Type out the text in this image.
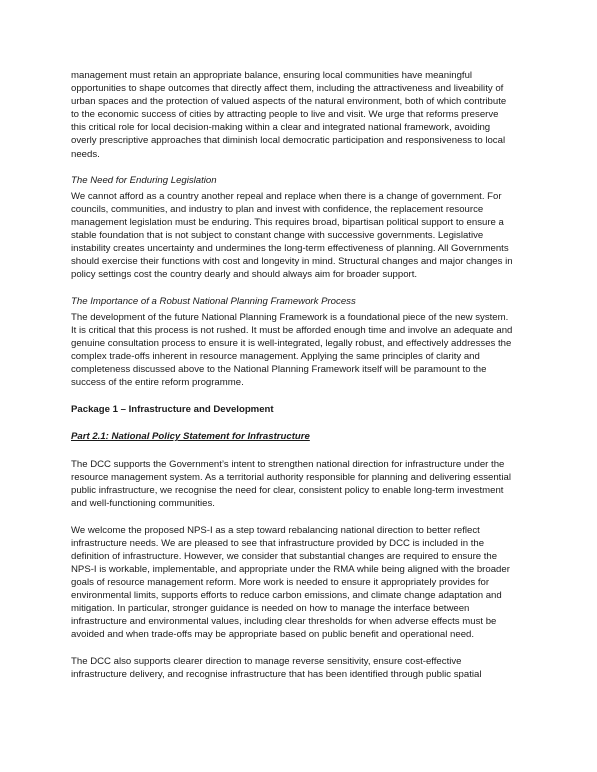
management must retain an appropriate balance, ensuring local communities have meaningful
opportunities to shape outcomes that directly affect them, including the attractiveness and liveability of
urban spaces and the protection of valued aspects of the natural environment, both of which contribute
to the economic success of cities by attracting people to live and visit. We urge that reforms preserve
this critical role for local decision-making within a clear and integrated national framework, avoiding
overly prescriptive approaches that diminish local democratic participation and responsiveness to local
needs.

The Need for Enduring Legislation

We cannot afford as a country another repeal and replace when there is a change of government. For
councils, communities, and industry to plan and invest with confidence, the replacement resource
management legislation must be enduring. This requires broad, bipartisan political support to ensure a
stable foundation that is not subject to constant change with successive governments. Legislative
instability creates uncertainty and undermines the long-term effectiveness of planning. All Governments
should exercise their functions with cost and longevity in mind. Structural changes and major changes in
policy settings cost the country dearly and should always aim for broader support.

The Importance of a Robust National Planning Framework Process

The development of the future National Planning Framework is a foundational piece of the new system.
It is critical that this process is not rushed. It must be afforded enough time and involve an adequate and
genuine consultation process to ensure it is well-integrated, legally robust, and effectively addresses the
complex trade-offs inherent in resource management. Applying the same principles of clarity and
completeness discussed above to the National Planning Framework itself will be paramount to the
success of the entire reform programme.

Package 1 – Infrastructure and Development

Part 2.1: National Policy Statement for Infrastructure

The DCC supports the Government’s intent to strengthen national direction for infrastructure under the
resource management system. As a territorial authority responsible for planning and delivering essential
public infrastructure, we recognise the need for clear, consistent policy to enable long-term investment
and well-functioning communities.

We welcome the proposed NPS-I as a step toward rebalancing national direction to better reflect
infrastructure needs. We are pleased to see that infrastructure provided by DCC is included in the
definition of infrastructure. However, we consider that substantial changes are required to ensure the
NPS-I is workable, implementable, and appropriate under the RMA while being aligned with the broader
goals of resource management reform. More work is needed to ensure it appropriately provides for
environmental limits, supports efforts to reduce carbon emissions, and climate change adaptation and
mitigation. In particular, stronger guidance is needed on how to manage the interface between
infrastructure and environmental values, including clear thresholds for when adverse effects must be
avoided and when trade-offs may be appropriate based on public benefit and operational need.

The DCC also supports clearer direction to manage reverse sensitivity, ensure cost-effective
infrastructure delivery, and recognise infrastructure that has been identified through public spatial
